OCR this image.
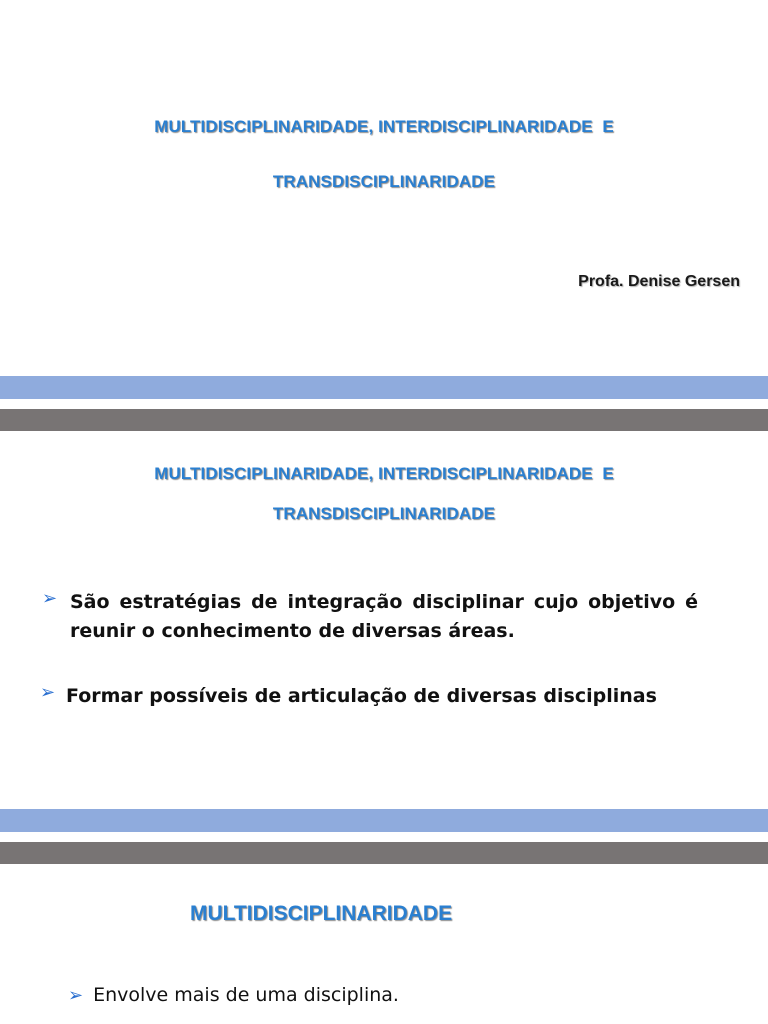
MULTIDISCIPLINARIDADE, INTERDISCIPLINARIDADE  E
TRANSDISCIPLINARIDADE
Profa. Denise Gersen
MULTIDISCIPLINARIDADE, INTERDISCIPLINARIDADE  E
TRANSDISCIPLINARIDADE
➢ São estratégias de integração disciplinar cujo objetivo é reunir o conhecimento de diversas áreas.
➢ Formar possíveis de articulação de diversas disciplinas
MULTIDISCIPLINARIDADE
➢ Envolve mais de uma disciplina.
